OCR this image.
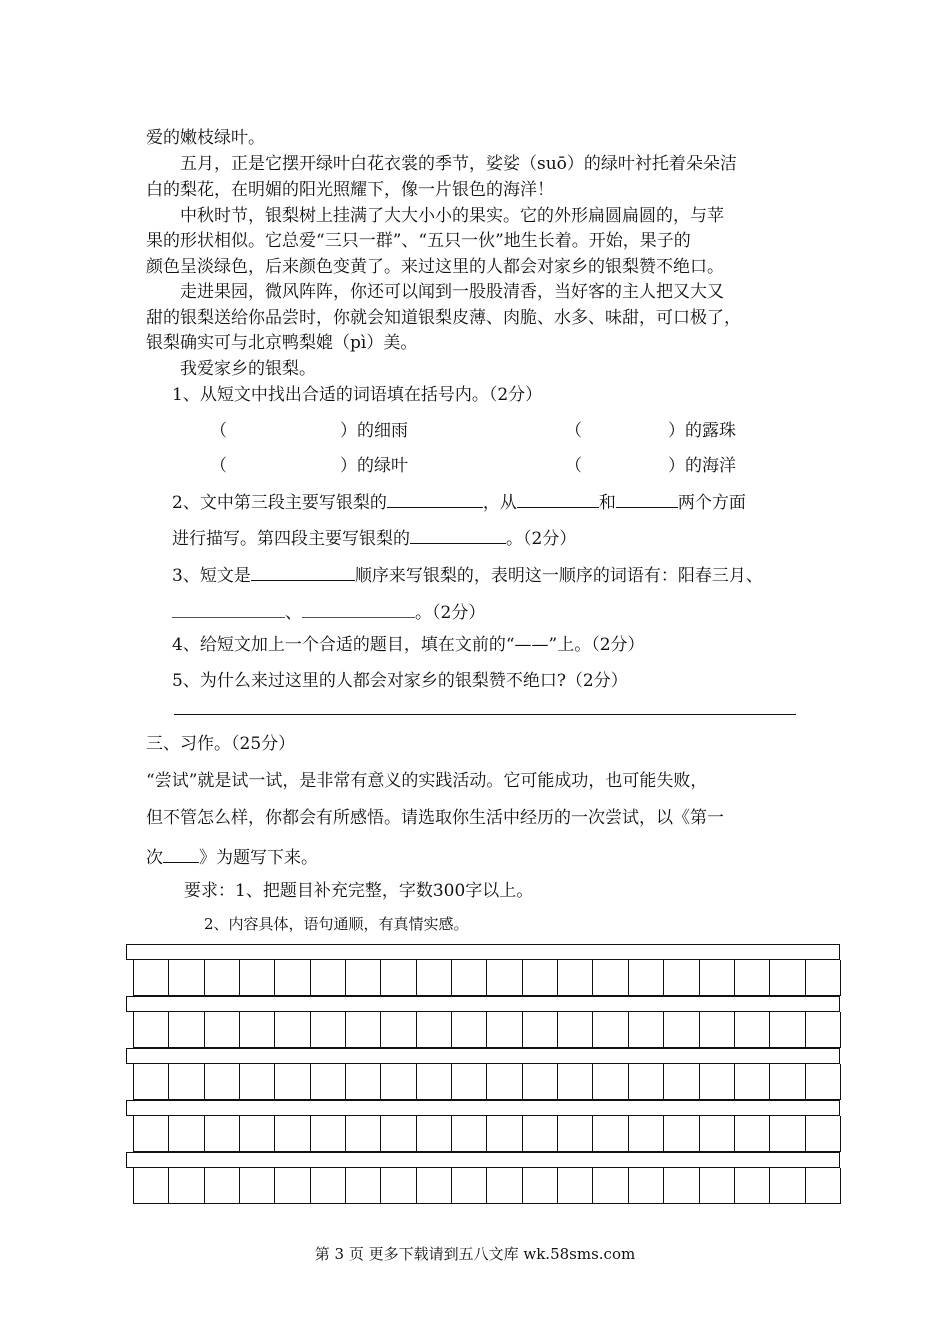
爱的嫩枝绿叶。
五月，正是它摆开绿叶白花衣裳的季节，娑娑（suō）的绿叶衬托着朵朵洁
白的梨花，在明媚的阳光照耀下，像一片银色的海洋！
中秋时节，银梨树上挂满了大大小小的果实。它的外形扁圆扁圆的，与苹
果的形状相似。它总爱“三只一群”、“五只一伙”地生长着。开始，果子的
颜色呈淡绿色，后来颜色变黄了。来过这里的人都会对家乡的银梨赞不绝口。
走进果园，微风阵阵，你还可以闻到一股股清香，当好客的主人把又大又
甜的银梨送给你品尝时，你就会知道银梨皮薄、肉脆、水多、味甜，可口极了，
银梨确实可与北京鸭梨媲（pì）美。
我爱家乡的银梨。
1、从短文中找出合适的词语填在括号内。（2分）
（	）的细雨	（	）的露珠
（	）的绿叶	（	）的海洋
2、文中第三段主要写银梨的	，从	和	两个方面
进行描写。第四段主要写银梨的	。（2分）
3、短文是	顺序来写银梨的，表明这一顺序的词语有：阳春三月、
、	。（2分）
4、给短文加上一个合适的题目，填在文前的“——”上。（2分）
5、为什么来过这里的人都会对家乡的银梨赞不绝口?（2分）
三、习作。（25分）
“尝试”就是试一试，是非常有意义的实践活动。它可能成功，也可能失败，
但不管怎么样，你都会有所感悟。请选取你生活中经历的一次尝试，以《第一
次 》为题写下来。
要求：1、把题目补充完整，字数300字以上。
2、内容具体，语句通顺，有真情实感。
第 3 页 更多下载请到五八文库 wk.58sms.com
